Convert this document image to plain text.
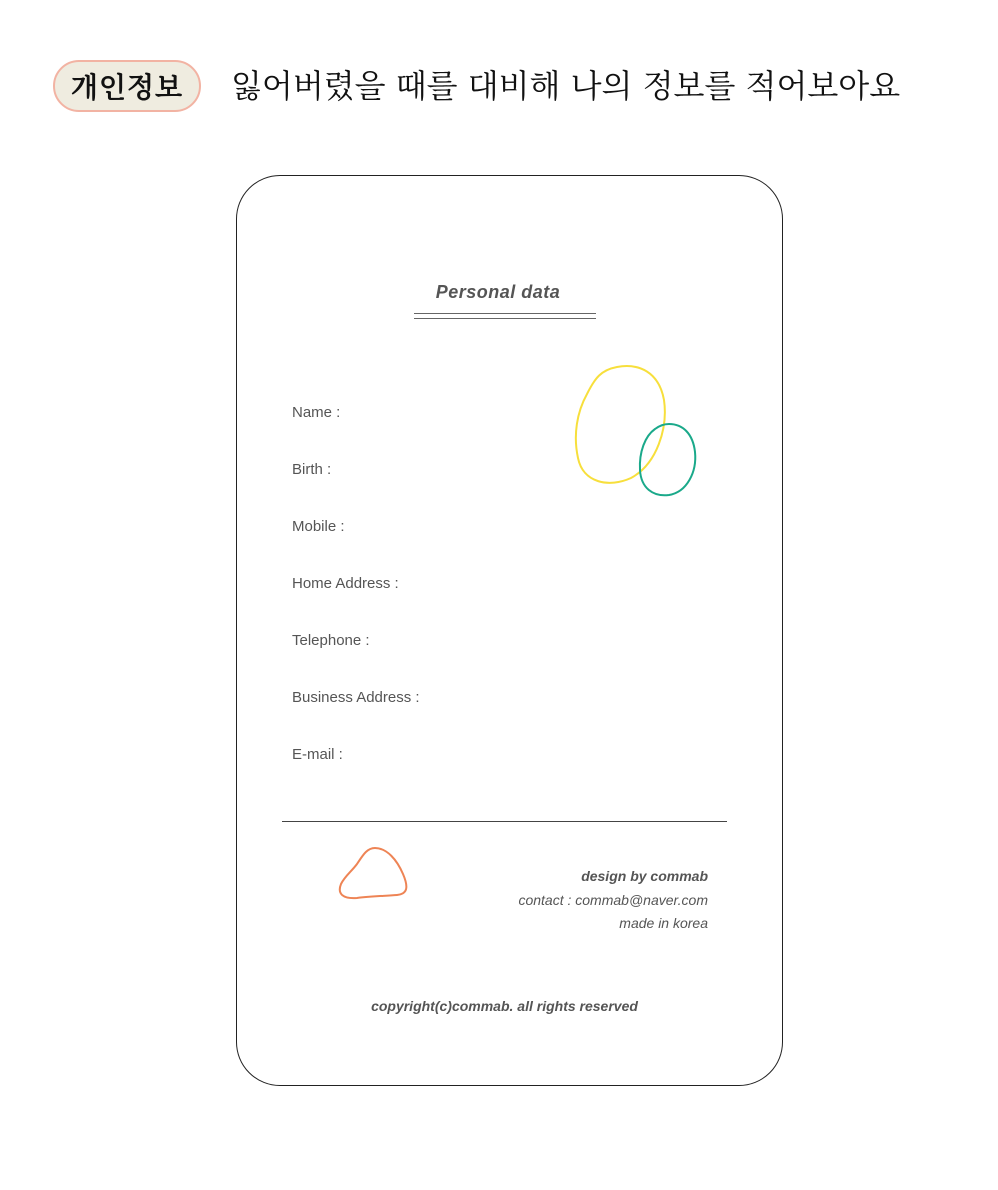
개인정보	잃어버렸을 때를 대비해 나의 정보를 적어보아요
Personal data
Name :
Birth :
Mobile :
Home Address :
Telephone :
Business Address :
E-mail :
design by commab
contact : commab@naver.com
made in korea
copyright(c)commab. all rights reserved
